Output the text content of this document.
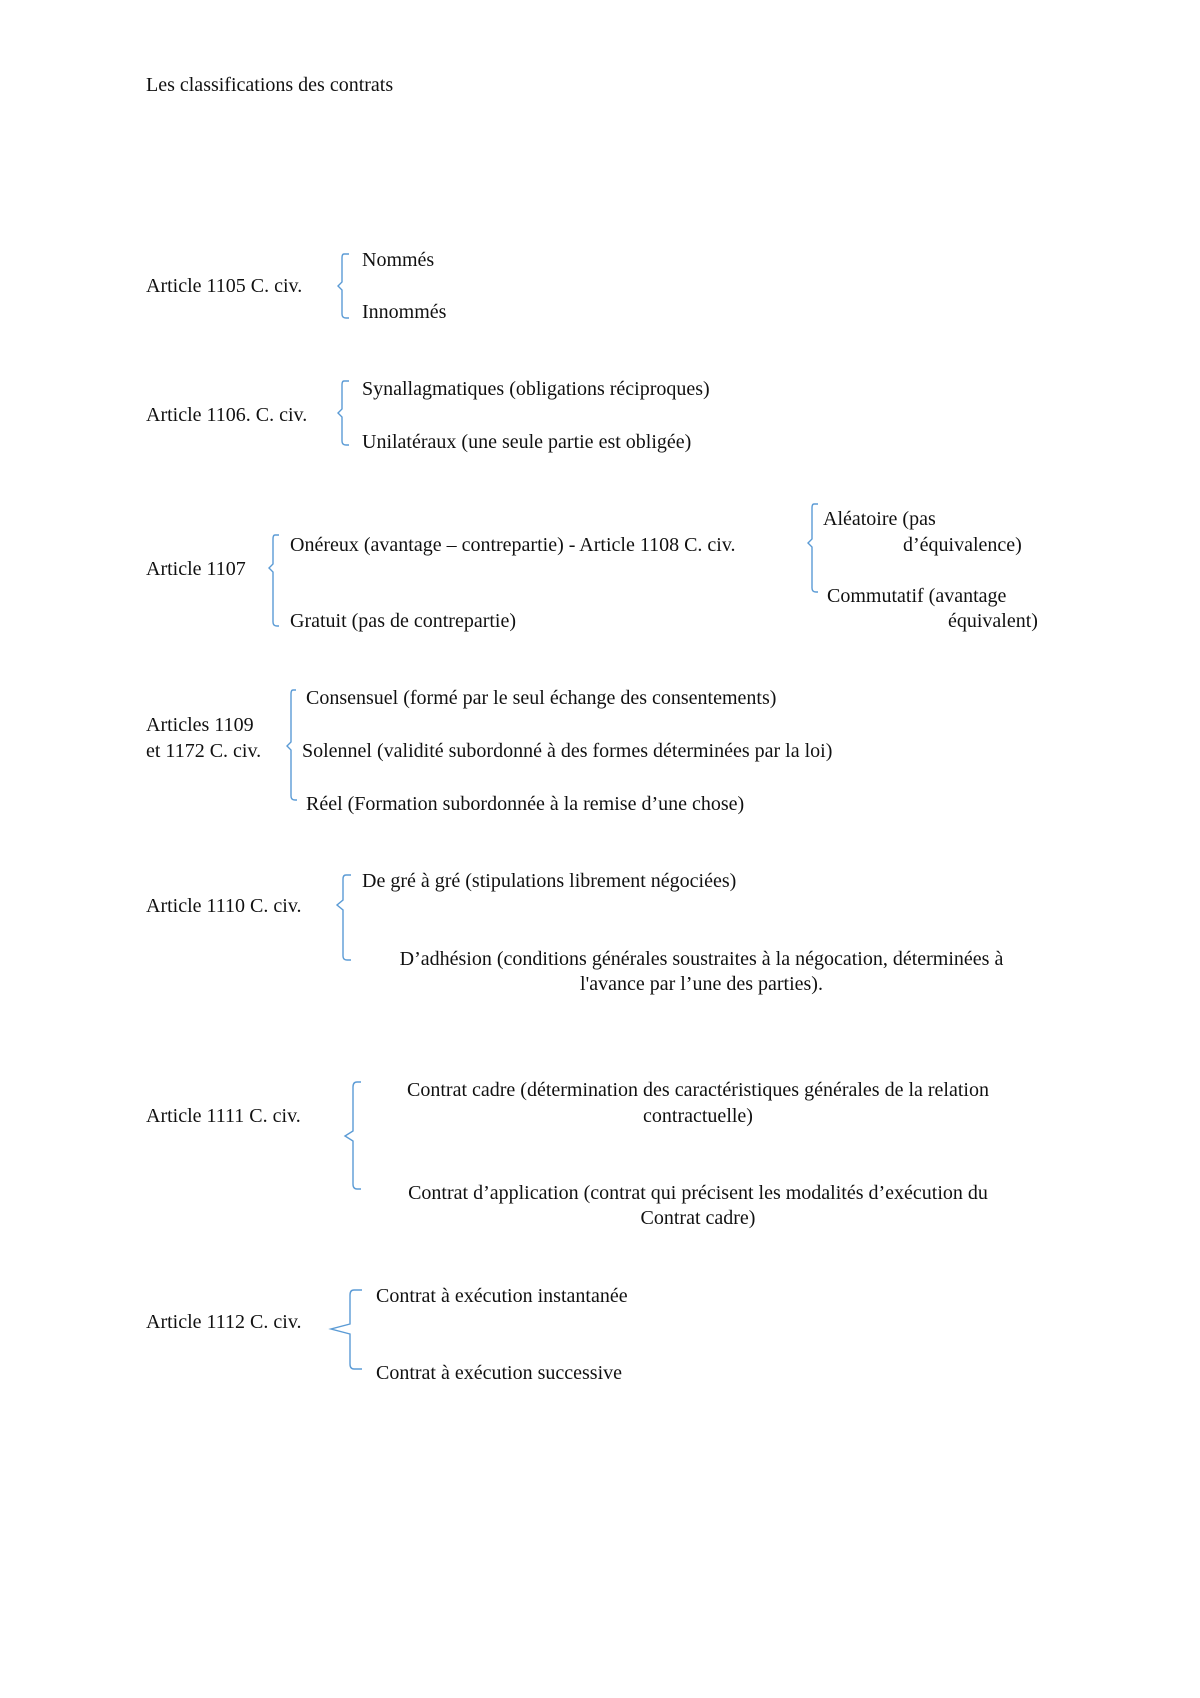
Les classifications des contrats
Article 1105 C. civ.
Nommés
Innommés
Article 1106. C. civ.
Synallagmatiques (obligations réciproques)
Unilatéraux (une seule partie est obligée)
Article 1107
Onéreux (avantage – contrepartie) - Article 1108 C. civ.
Gratuit (pas de contrepartie)
Aléatoire (pas
d’équivalence)
Commutatif (avantage
équivalent)
Articles 1109
et 1172 C. civ.
Consensuel (formé par le seul échange des consentements)
Solennel (validité subordonné à des formes déterminées par la loi)
Réel (Formation subordonnée à la remise d’une chose)
Article 1110 C. civ.
De gré à gré (stipulations librement négociées)
D’adhésion (conditions générales soustraites à la négocation, déterminées à
l'avance par l’une des parties).
Article 1111 C. civ.
Contrat cadre (détermination des caractéristiques générales de la relation
contractuelle)
Contrat d’application (contrat qui précisent les modalités d’exécution du
Contrat cadre)
Article 1112 C. civ.
Contrat à exécution instantanée
Contrat à exécution successive
